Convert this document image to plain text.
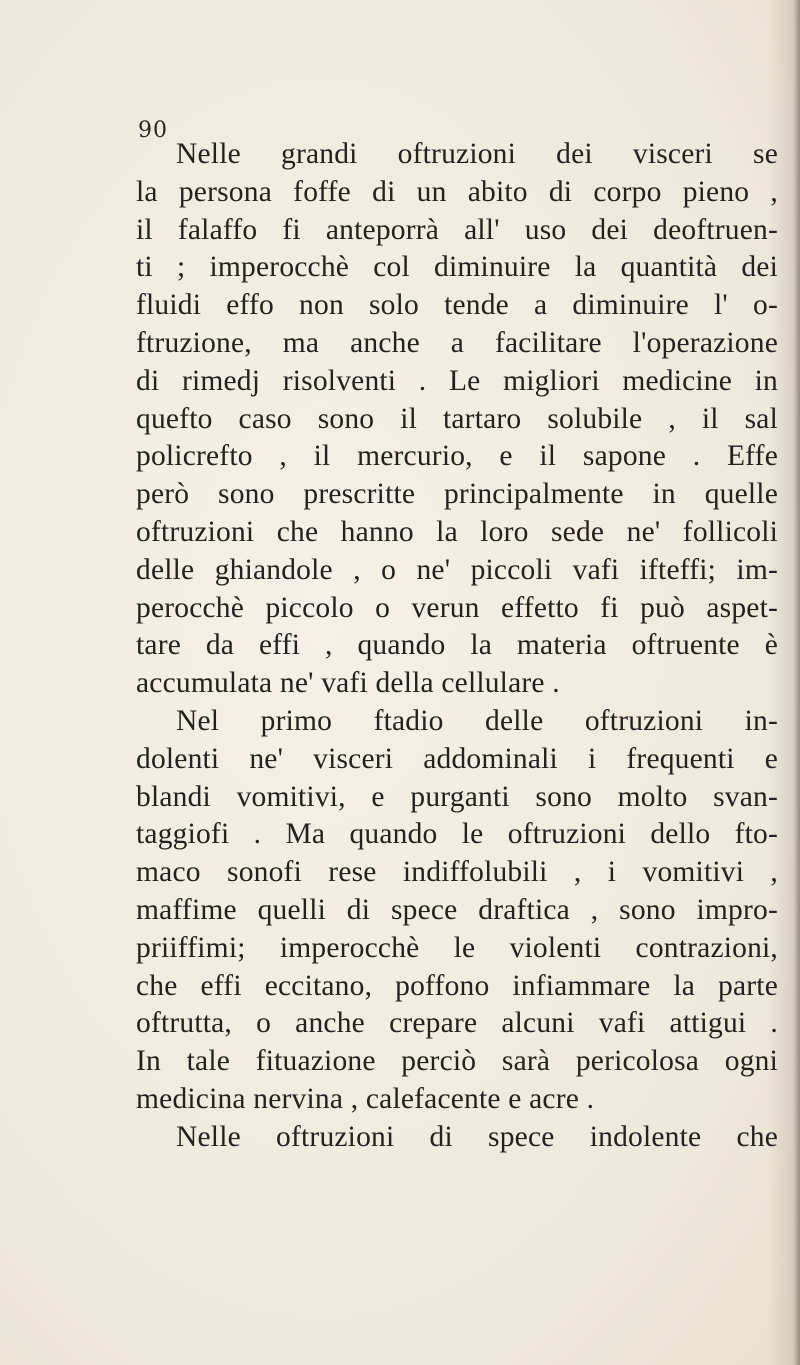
90
Nelle grandi oftruzioni dei visceri se
la persona foffe di un abito di corpo pieno ,
il falaffo fi anteporrà all' uso dei deoftruen-
ti ; imperocchè col diminuire la quantità dei
fluidi effo non solo tende a diminuire l' o-
ftruzione, ma anche a facilitare l'operazione
di rimedj risolventi . Le migliori medicine in
quefto caso sono il tartaro solubile , il sal
policrefto , il mercurio, e il sapone . Effe
però sono prescritte principalmente in quelle
oftruzioni che hanno la loro sede ne' follicoli
delle ghiandole , o ne' piccoli vafi ifteffi; im-
perocchè piccolo o verun effetto fi può aspet-
tare da effi , quando la materia oftruente è
accumulata ne' vafi della cellulare .
Nel primo ftadio delle oftruzioni in-
dolenti ne' visceri addominali i frequenti e
blandi vomitivi, e purganti sono molto svan-
taggiofi . Ma quando le oftruzioni dello fto-
maco sonofi rese indiffolubili , i vomitivi ,
maffime quelli di spece draftica , sono impro-
priiffimi; imperocchè le violenti contrazioni,
che effi eccitano, poffono infiammare la parte
oftrutta, o anche crepare alcuni vafi attigui .
In tale fituazione perciò sarà pericolosa ogni
medicina nervina , calefacente e acre .
Nelle oftruzioni di spece indolente che
